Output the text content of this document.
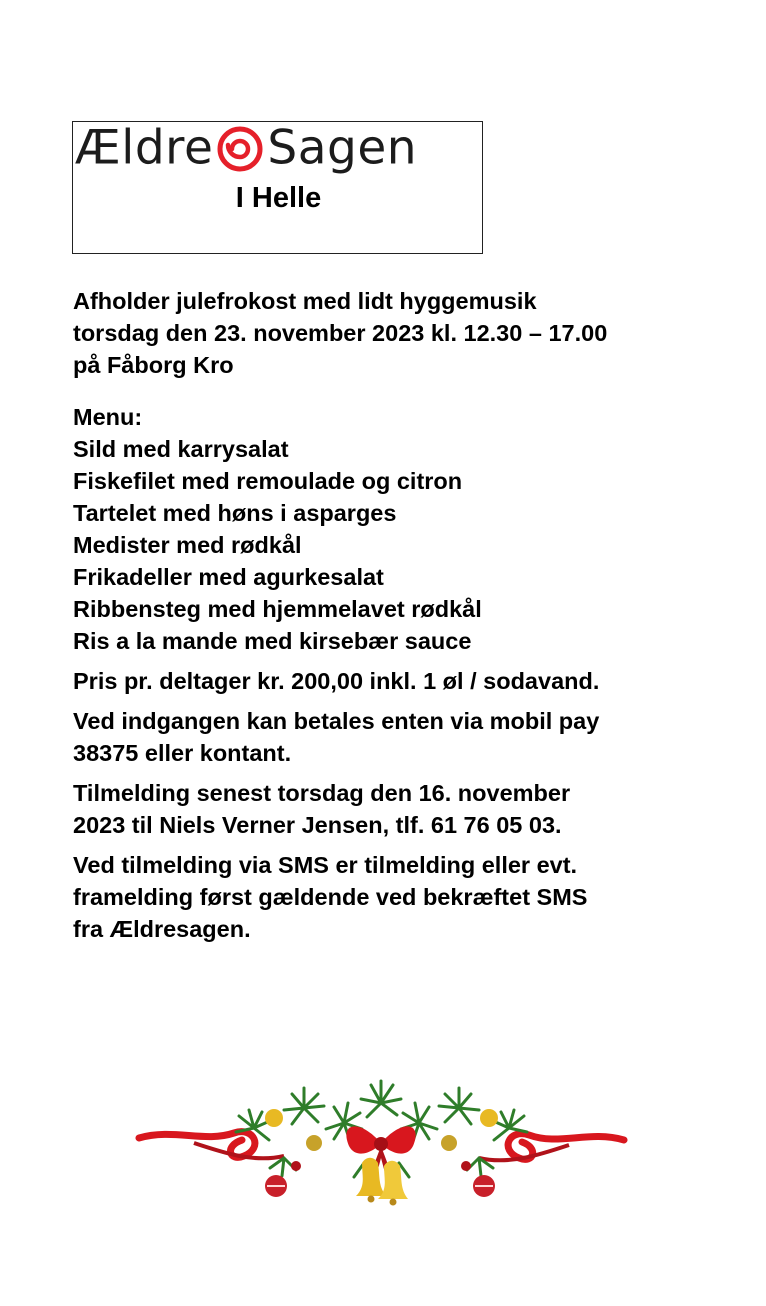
Ældre Sagen
I Helle

Afholder julefrokost med lidt hyggemusik
torsdag den 23. november 2023 kl. 12.30 – 17.00
på Fåborg Kro

Menu:
Sild med karrysalat
Fiskefilet med remoulade og citron
Tartelet med høns i asparges
Medister med rødkål
Frikadeller med agurkesalat
Ribbensteg med hjemmelavet rødkål
Ris a la mande med kirsebær sauce

Pris pr. deltager kr. 200,00 inkl. 1 øl / sodavand.

Ved indgangen kan betales enten via mobil pay
38375 eller kontant.

Tilmelding senest torsdag den 16. november
2023 til Niels Verner Jensen, tlf. 61 76 05 03.

Ved tilmelding via SMS er tilmelding eller evt.
framelding først gældende ved bekræftet SMS
fra Ældresagen.
